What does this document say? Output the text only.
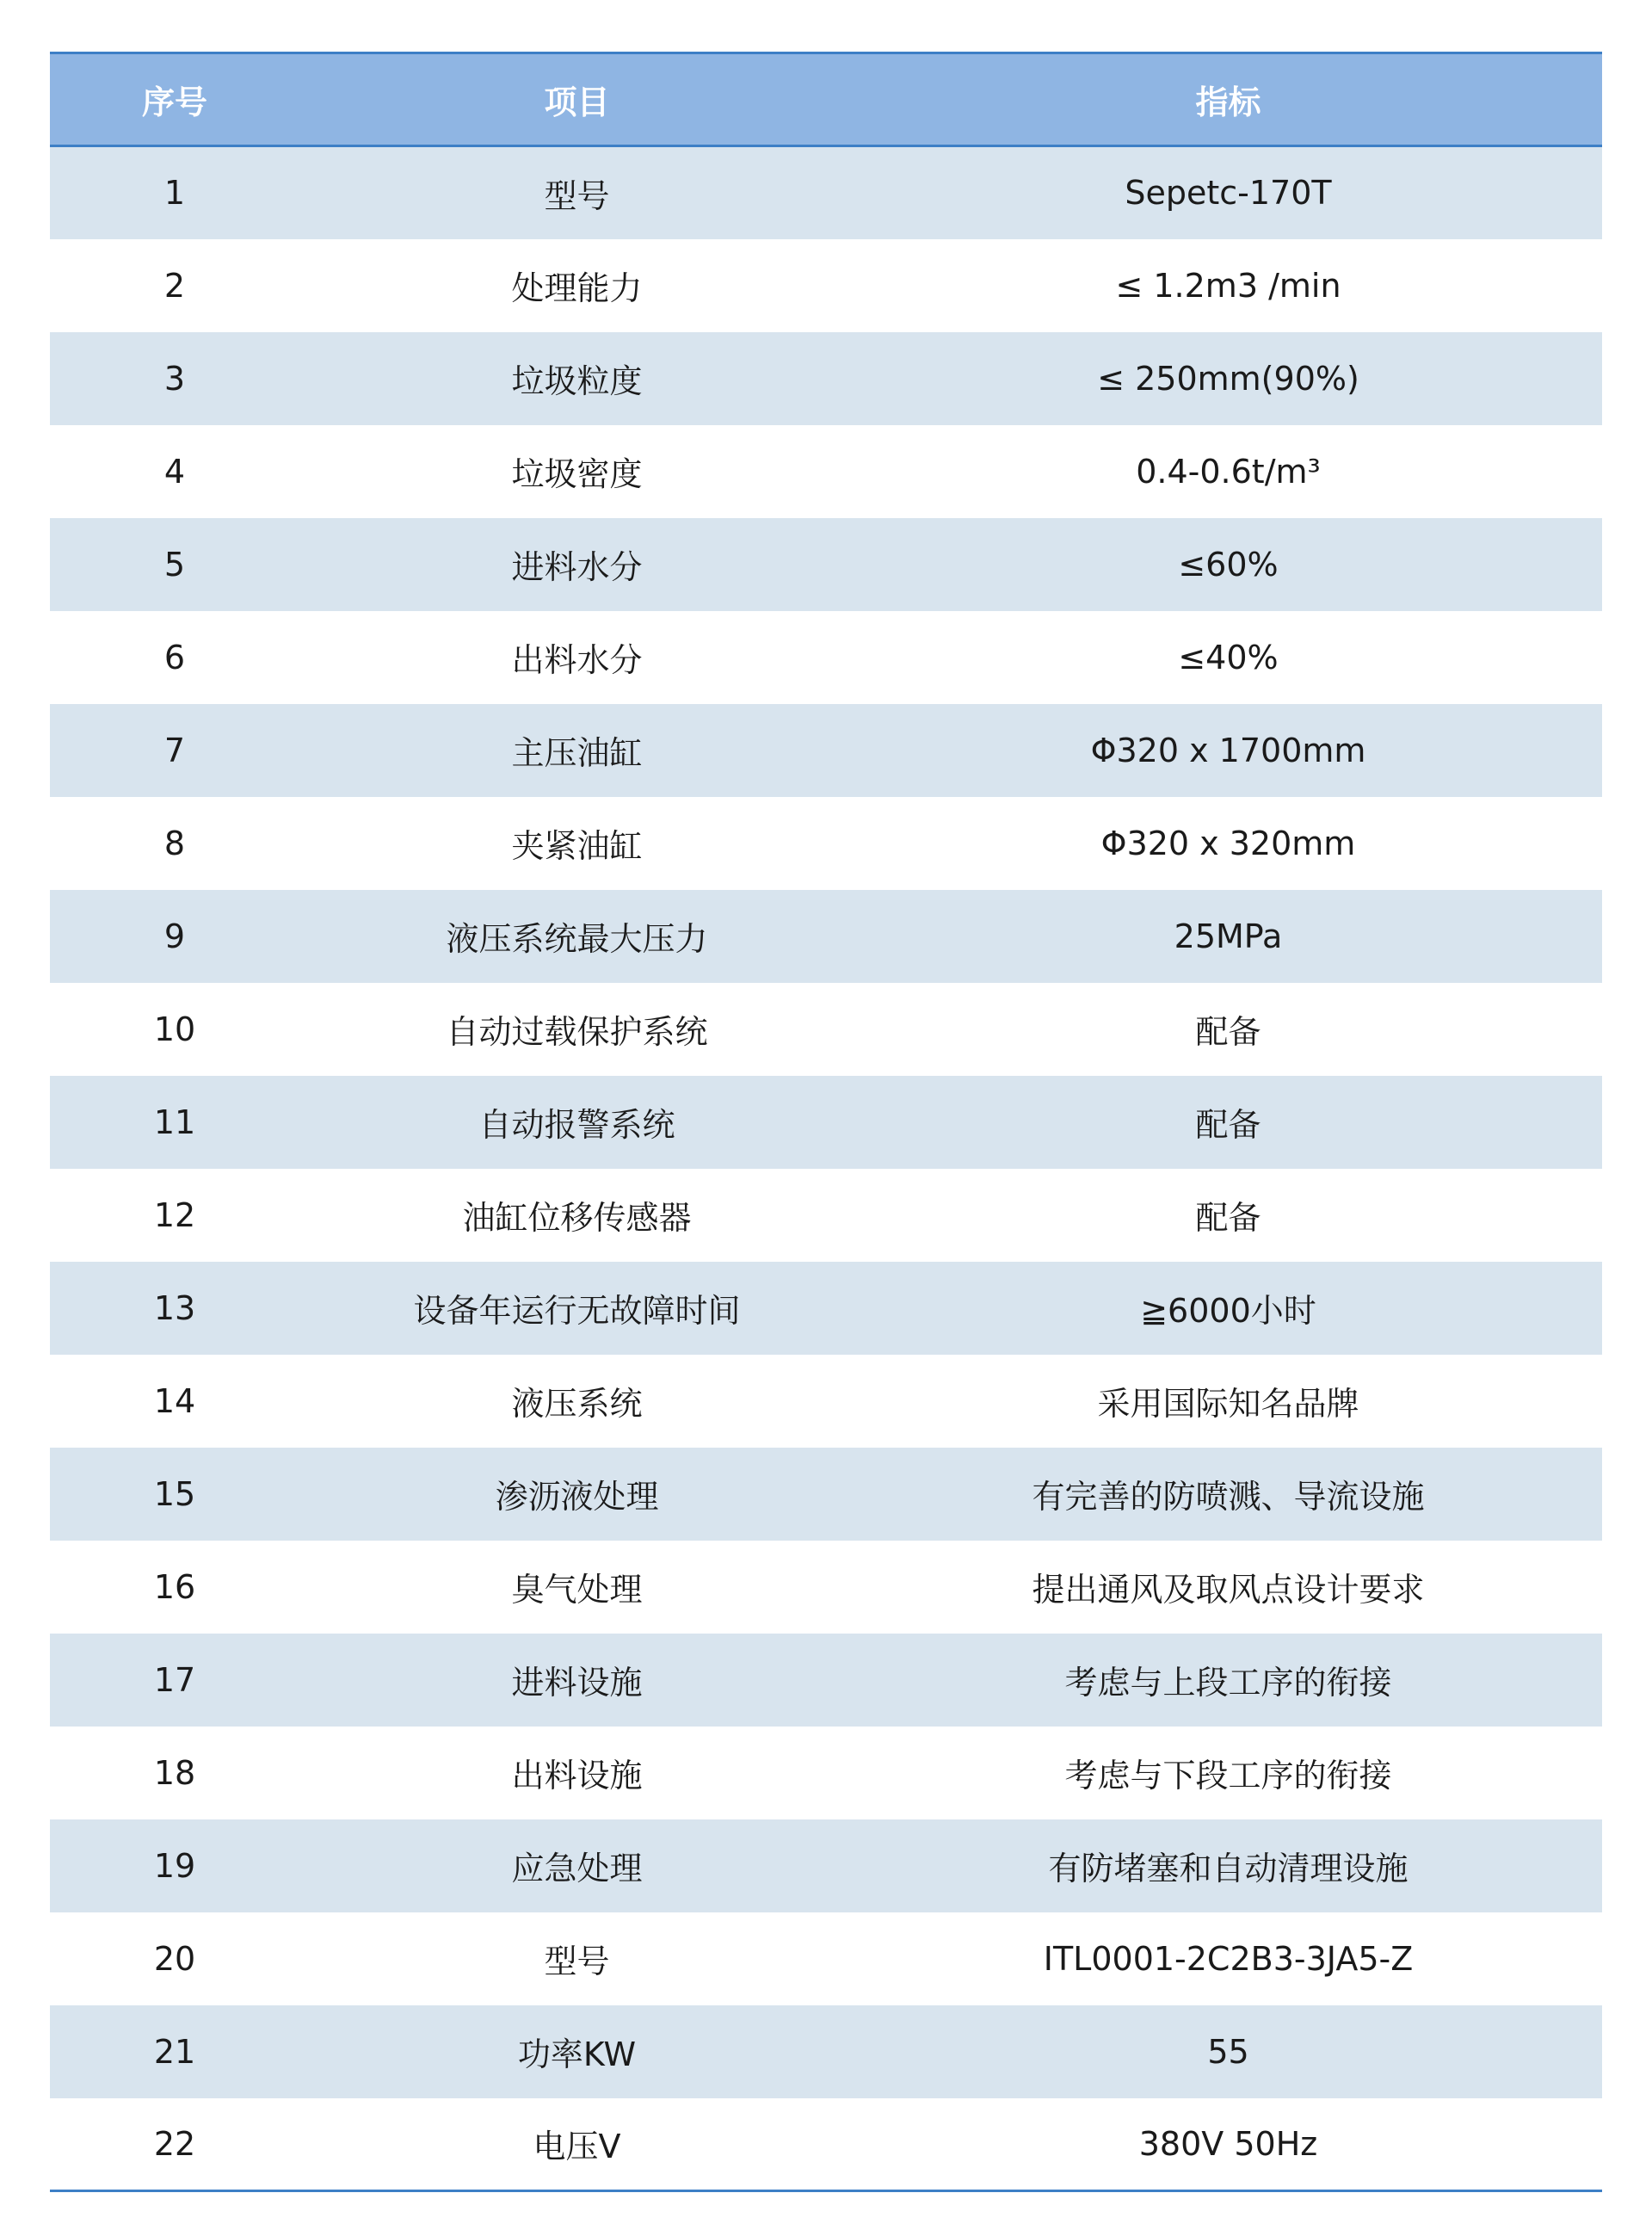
序号	项目	指标
1	型号	Sepetc-170T
2	处理能力	≤ 1.2m3 /min
3	垃圾粒度	≤ 250mm(90%)
4	垃圾密度	0.4-0.6t/m³
5	进料水分	≤60%
6	出料水分	≤40%
7	主压油缸	Φ320 x 1700mm
8	夹紧油缸	Φ320 x 320mm
9	液压系统最大压力	25MPa
10	自动过载保护系统	配备
11	自动报警系统	配备
12	油缸位移传感器	配备
13	设备年运行无故障时间	≧6000小时
14	液压系统	采用国际知名品牌
15	渗沥液处理	有完善的防喷溅、导流设施
16	臭气处理	提出通风及取风点设计要求
17	进料设施	考虑与上段工序的衔接
18	出料设施	考虑与下段工序的衔接
19	应急处理	有防堵塞和自动清理设施
20	型号	ITL0001-2C2B3-3JA5-Z
21	功率KW	55
22	电压V	380V 50Hz
